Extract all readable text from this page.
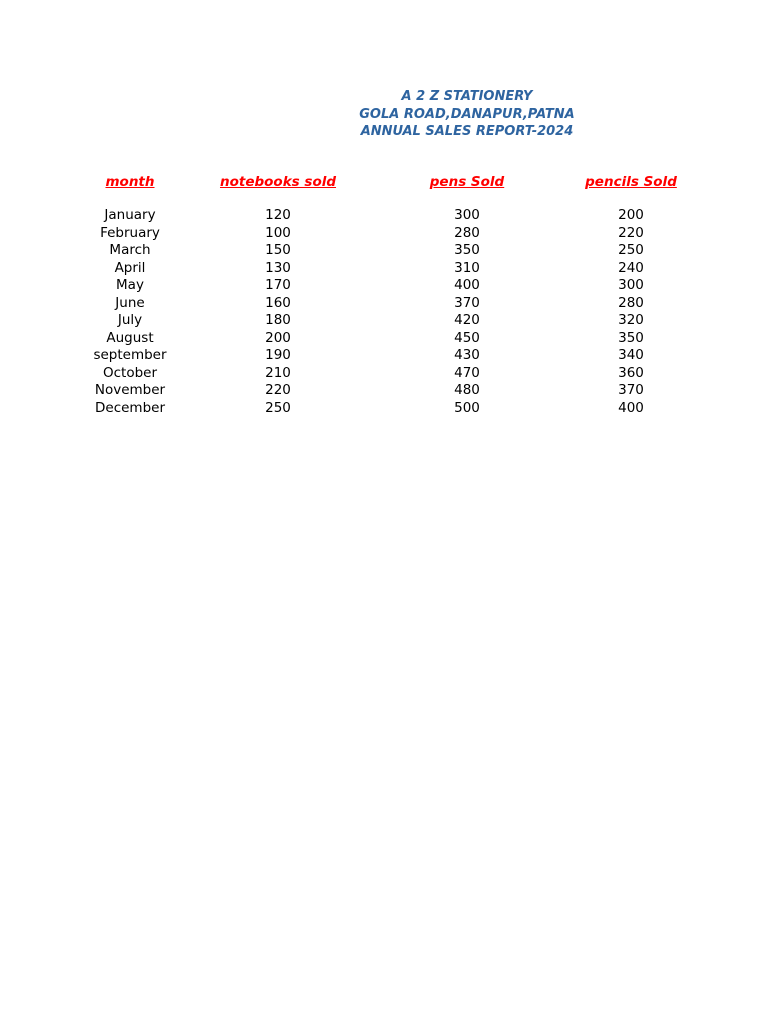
A 2 Z STATIONERY
GOLA ROAD,DANAPUR,PATNA
ANNUAL SALES REPORT-2024
month	notebooks sold	pens Sold	pencils Sold
January	120	300	200
February	100	280	220
March	150	350	250
April	130	310	240
May	170	400	300
June	160	370	280
July	180	420	320
August	200	450	350
september	190	430	340
October	210	470	360
November	220	480	370
December	250	500	400
